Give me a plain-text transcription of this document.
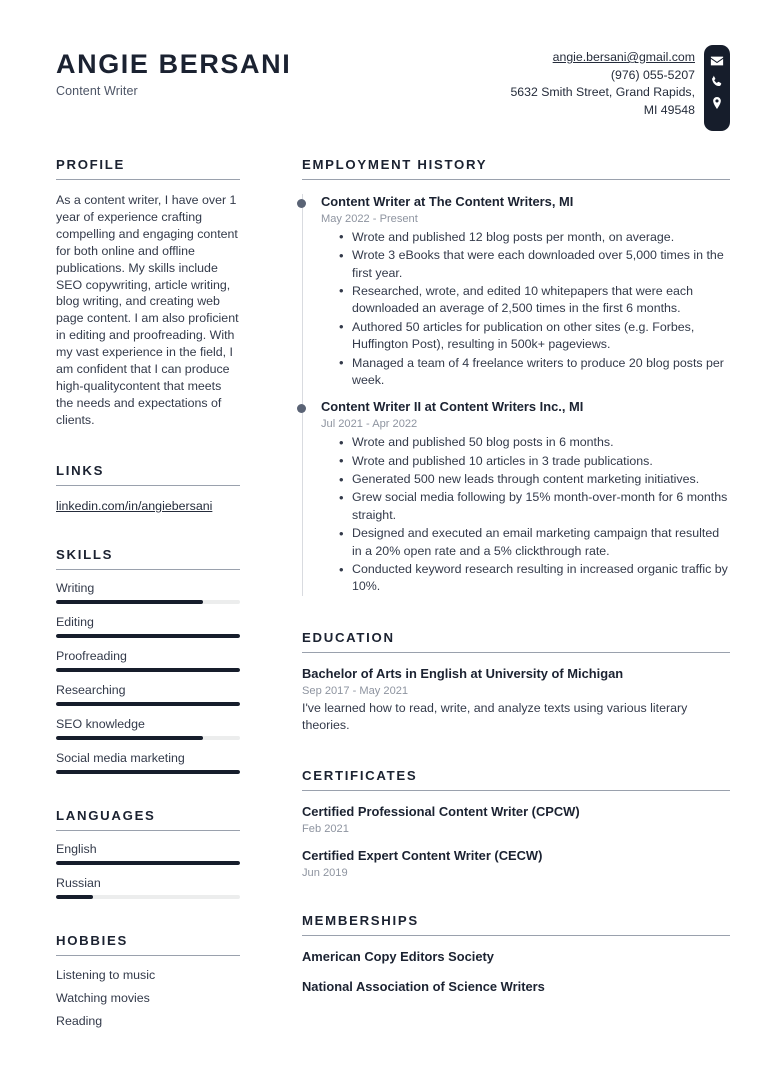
ANGIE BERSANI
Content Writer
angie.bersani@gmail.com
(976) 055-5207
5632 Smith Street, Grand Rapids, MI 49548
PROFILE
As a content writer, I have over 1 year of experience crafting compelling and engaging content for both online and offline publications. My skills include SEO copywriting, article writing, blog writing, and creating web page content. I am also proficient in editing and proofreading. With my vast experience in the field, I am confident that I can produce high-qualitycontent that meets the needs and expectations of clients.
LINKS
linkedin.com/in/angiebersani
SKILLS
Writing
Editing
Proofreading
Researching
SEO knowledge
Social media marketing
LANGUAGES
English
Russian
HOBBIES
Listening to music
Watching movies
Reading
EMPLOYMENT HISTORY
Content Writer at The Content Writers, MI
May 2022 - Present
• Wrote and published 12 blog posts per month, on average.
• Wrote 3 eBooks that were each downloaded over 5,000 times in the first year.
• Researched, wrote, and edited 10 whitepapers that were each downloaded an average of 2,500 times in the first 6 months.
• Authored 50 articles for publication on other sites (e.g. Forbes, Huffington Post), resulting in 500k+ pageviews.
• Managed a team of 4 freelance writers to produce 20 blog posts per week.
Content Writer II at Content Writers Inc., MI
Jul 2021 - Apr 2022
• Wrote and published 50 blog posts in 6 months.
• Wrote and published 10 articles in 3 trade publications.
• Generated 500 new leads through content marketing initiatives.
• Grew social media following by 15% month-over-month for 6 months straight.
• Designed and executed an email marketing campaign that resulted in a 20% open rate and a 5% clickthrough rate.
• Conducted keyword research resulting in increased organic traffic by 10%.
EDUCATION
Bachelor of Arts in English at University of Michigan
Sep 2017 - May 2021
I've learned how to read, write, and analyze texts using various literary theories.
CERTIFICATES
Certified Professional Content Writer (CPCW)
Feb 2021
Certified Expert Content Writer (CECW)
Jun 2019
MEMBERSHIPS
American Copy Editors Society
National Association of Science Writers
